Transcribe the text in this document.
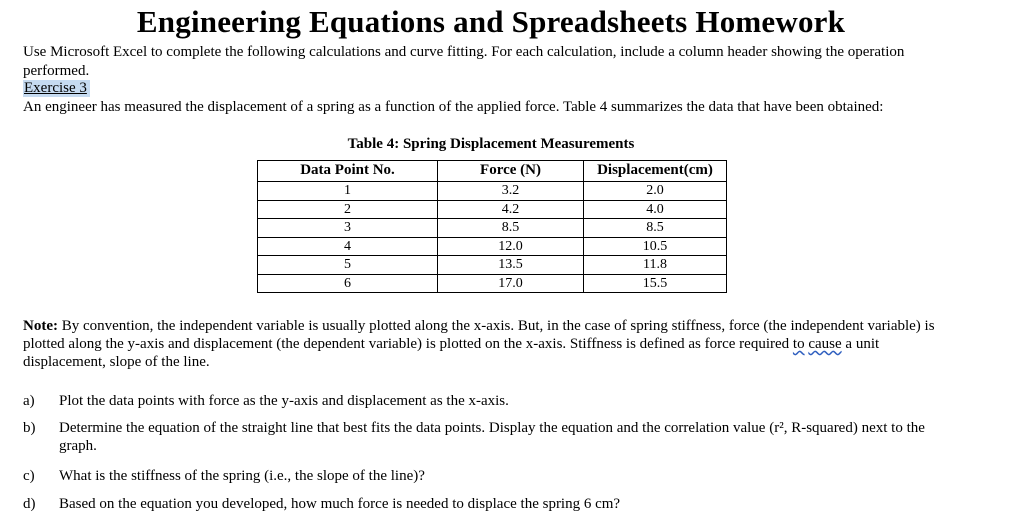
Engineering Equations and Spreadsheets Homework
Use Microsoft Excel to complete the following calculations and curve fitting. For each calculation, include a column header showing the operation performed.
Exercise 3
An engineer has measured the displacement of a spring as a function of the applied force. Table 4 summarizes the data that have been obtained:
Table 4: Spring Displacement Measurements
Data Point No.	Force (N)	Displacement(cm)
1	3.2	2.0
2	4.2	4.0
3	8.5	8.5
4	12.0	10.5
5	13.5	11.8
6	17.0	15.5
Note: By convention, the independent variable is usually plotted along the x-axis. But, in the case of spring stiffness, force (the independent variable) is plotted along the y-axis and displacement (the dependent variable) is plotted on the x-axis. Stiffness is defined as force required to cause a unit displacement, slope of the line.
a) Plot the data points with force as the y-axis and displacement as the x-axis.
b) Determine the equation of the straight line that best fits the data points. Display the equation and the correlation value (r², R-squared) next to the graph.
c) What is the stiffness of the spring (i.e., the slope of the line)?
d) Based on the equation you developed, how much force is needed to displace the spring 6 cm?
